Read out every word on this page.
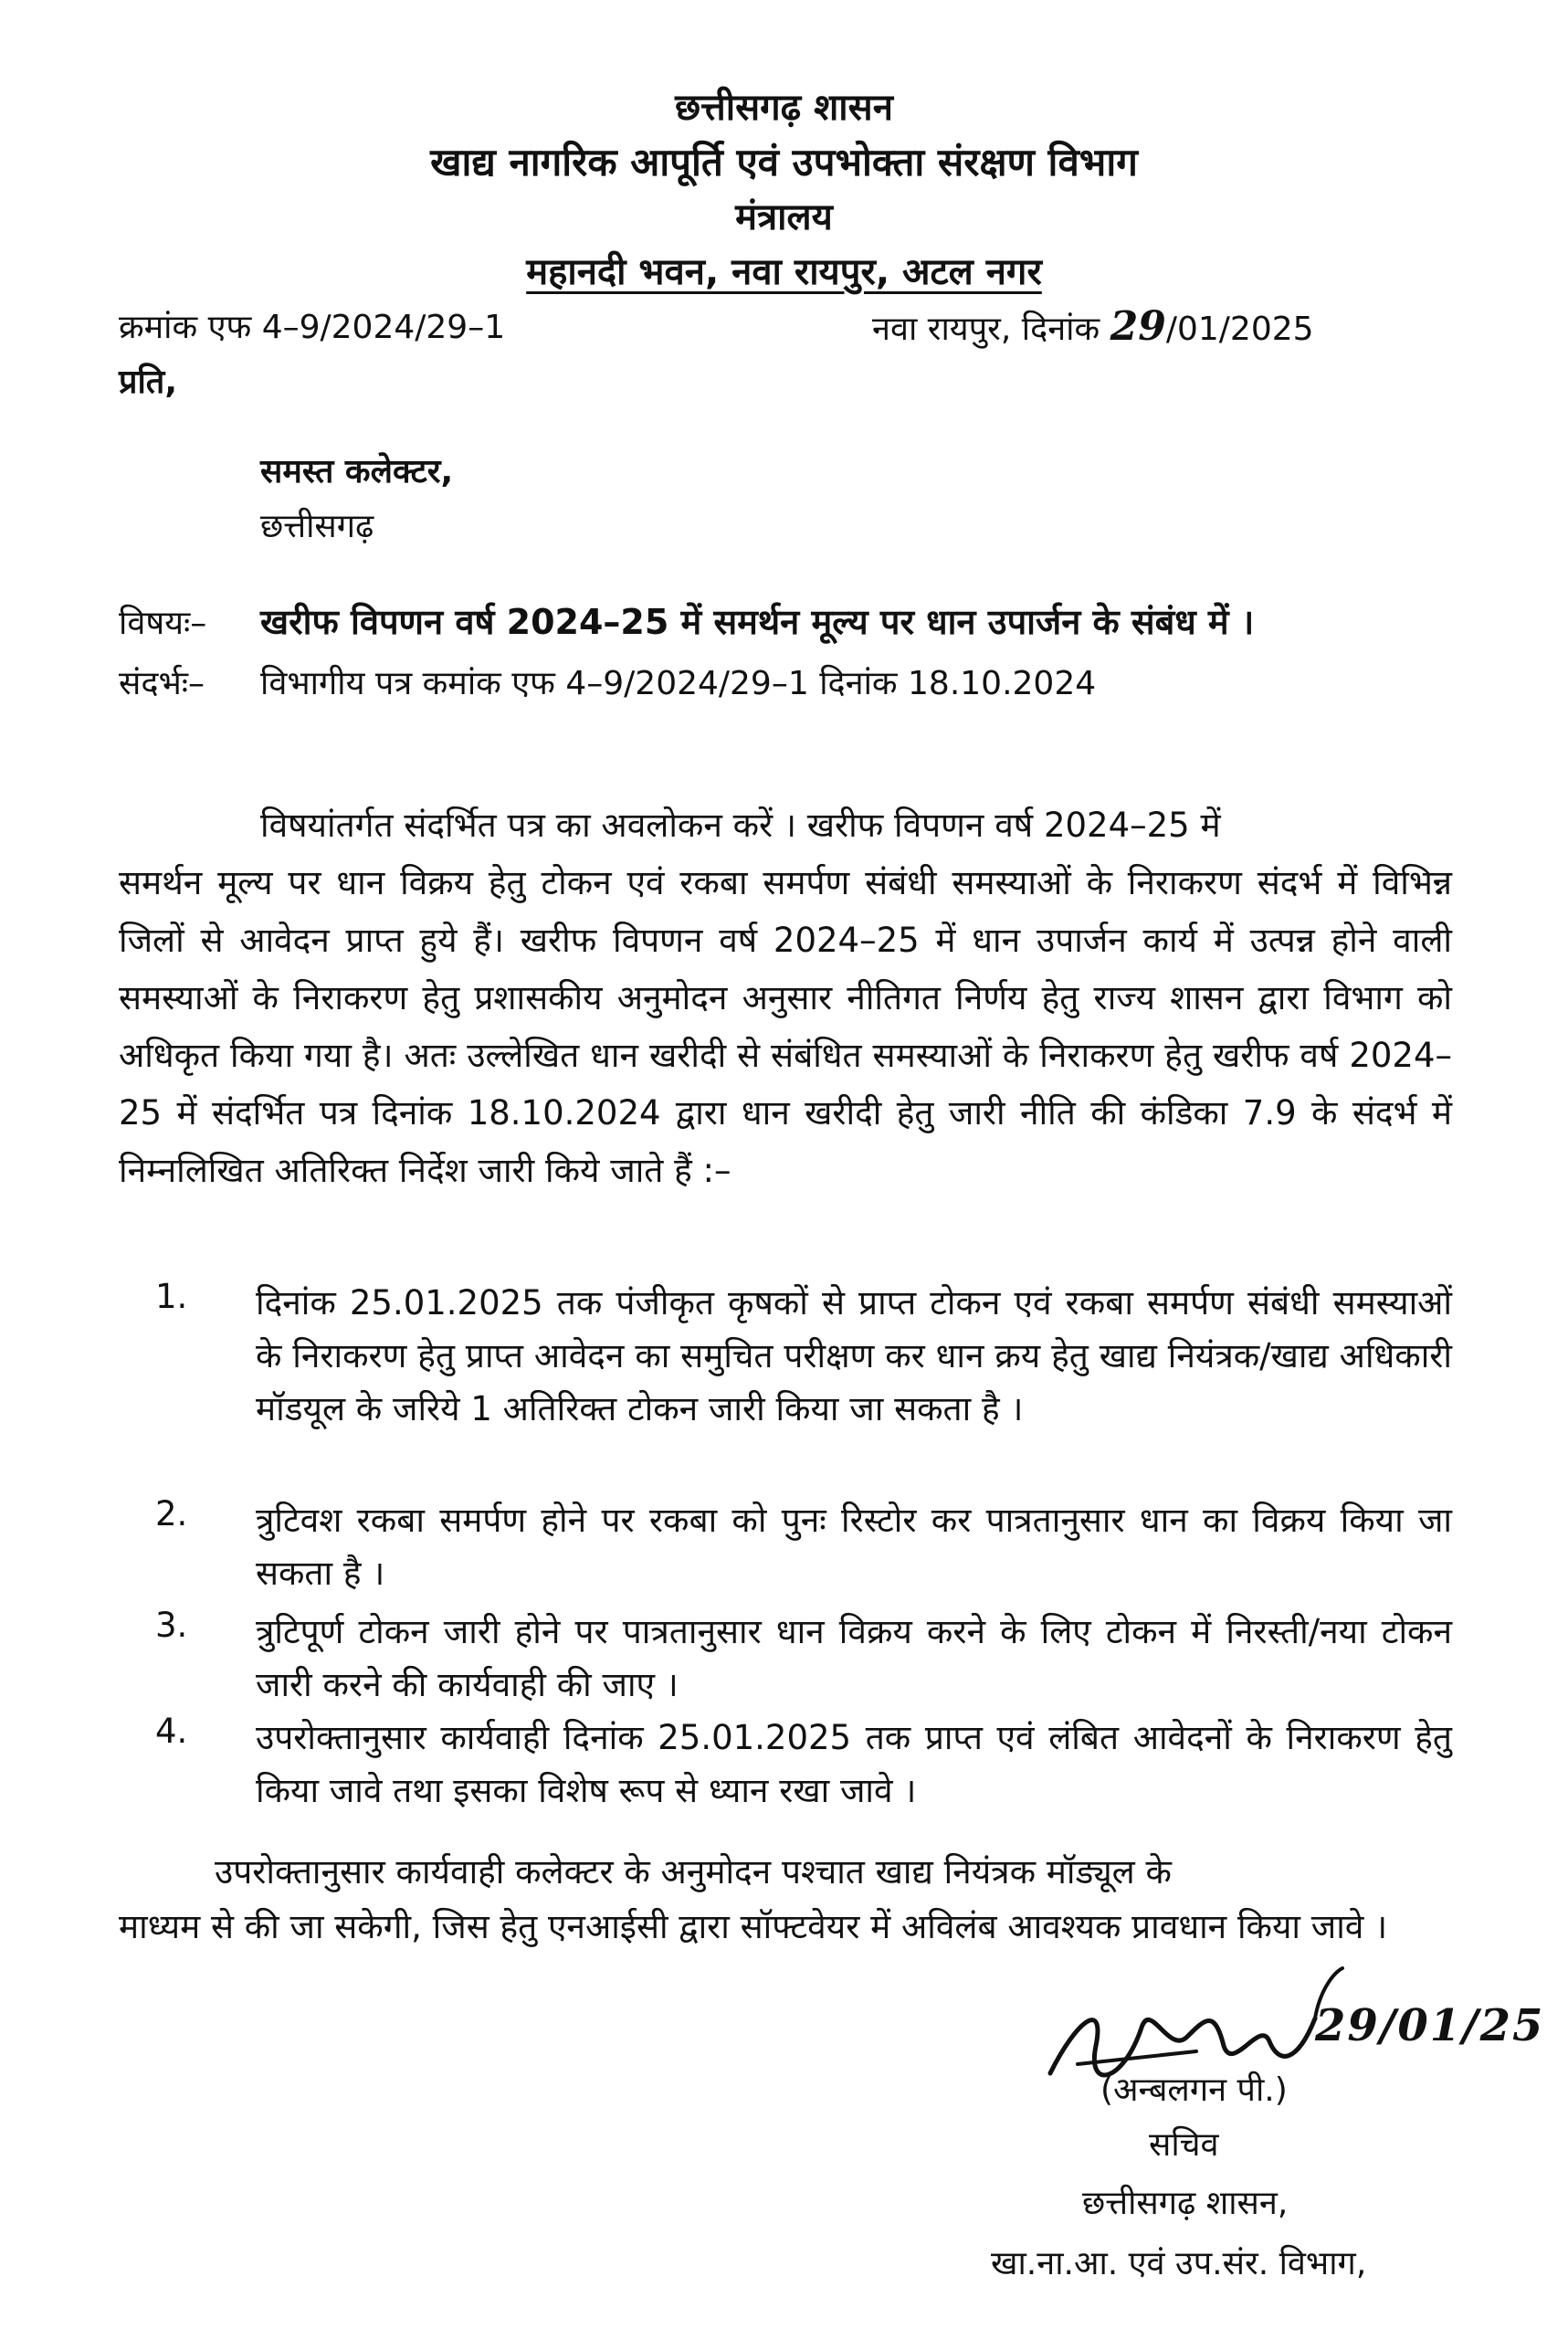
छत्तीसगढ़ शासन
खाद्य नागरिक आपूर्ति एवं उपभोक्ता संरक्षण विभाग
मंत्रालय
महानदी भवन, नवा रायपुर, अटल नगर
क्रमांक एफ 4–9/2024/29–1	नवा रायपुर, दिनांक 29/01/2025
प्रति,
समस्त कलेक्टर,
छत्तीसगढ़
विषयः– खरीफ विपणन वर्ष 2024–25 में समर्थन मूल्य पर धान उपार्जन के संबंध में ।
संदर्भः– विभागीय पत्र कमांक एफ 4–9/2024/29–1 दिनांक 18.10.2024
विषयांतर्गत संदर्भित पत्र का अवलोकन करें । खरीफ विपणन वर्ष 2024–25 में
समर्थन मूल्य पर धान विक्रय हेतु टोकन एवं रकबा समर्पण संबंधी समस्याओं के निराकरण संदर्भ में विभिन्न जिलों से आवेदन प्राप्त हुये हैं। खरीफ विपणन वर्ष 2024–25 में धान उपार्जन कार्य में उत्पन्न होने वाली समस्याओं के निराकरण हेतु प्रशासकीय अनुमोदन अनुसार नीतिगत निर्णय हेतु राज्य शासन द्वारा विभाग को अधिकृत किया गया है। अतः उल्लेखित धान खरीदी से संबंधित समस्याओं के निराकरण हेतु खरीफ वर्ष 2024–25 में संदर्भित पत्र दिनांक 18.10.2024 द्वारा धान खरीदी हेतु जारी नीति की कंडिका 7.9 के संदर्भ में निम्नलिखित अतिरिक्त निर्देश जारी किये जाते हैं :–
1.	दिनांक 25.01.2025 तक पंजीकृत कृषकों से प्राप्त टोकन एवं रकबा समर्पण संबंधी समस्याओं के निराकरण हेतु प्राप्त आवेदन का समुचित परीक्षण कर धान क्रय हेतु खाद्य नियंत्रक/खाद्य अधिकारी मॉडयूल के जरिये 1 अतिरिक्त टोकन जारी किया जा सकता है ।
2.	त्रुटिवश रकबा समर्पण होने पर रकबा को पुनः रिस्टोर कर पात्रतानुसार धान का विक्रय किया जा सकता है ।
3.	त्रुटिपूर्ण टोकन जारी होने पर पात्रतानुसार धान विक्रय करने के लिए टोकन में निरस्ती/नया टोकन जारी करने की कार्यवाही की जाए ।
4.	उपरोक्तानुसार कार्यवाही दिनांक 25.01.2025 तक प्राप्त एवं लंबित आवेदनों के निराकरण हेतु किया जावे तथा इसका विशेष रूप से ध्यान रखा जावे ।
उपरोक्तानुसार कार्यवाही कलेक्टर के अनुमोदन पश्चात खाद्य नियंत्रक मॉड्यूल के
माध्यम से की जा सकेगी, जिस हेतु एनआईसी द्वारा सॉफ्टवेयर में अविलंब आवश्यक प्रावधान किया जावे ।
29/01/25
(अन्बलगन पी.)
सचिव
छत्तीसगढ़ शासन,
खा.ना.आ. एवं उप.संर. विभाग,
